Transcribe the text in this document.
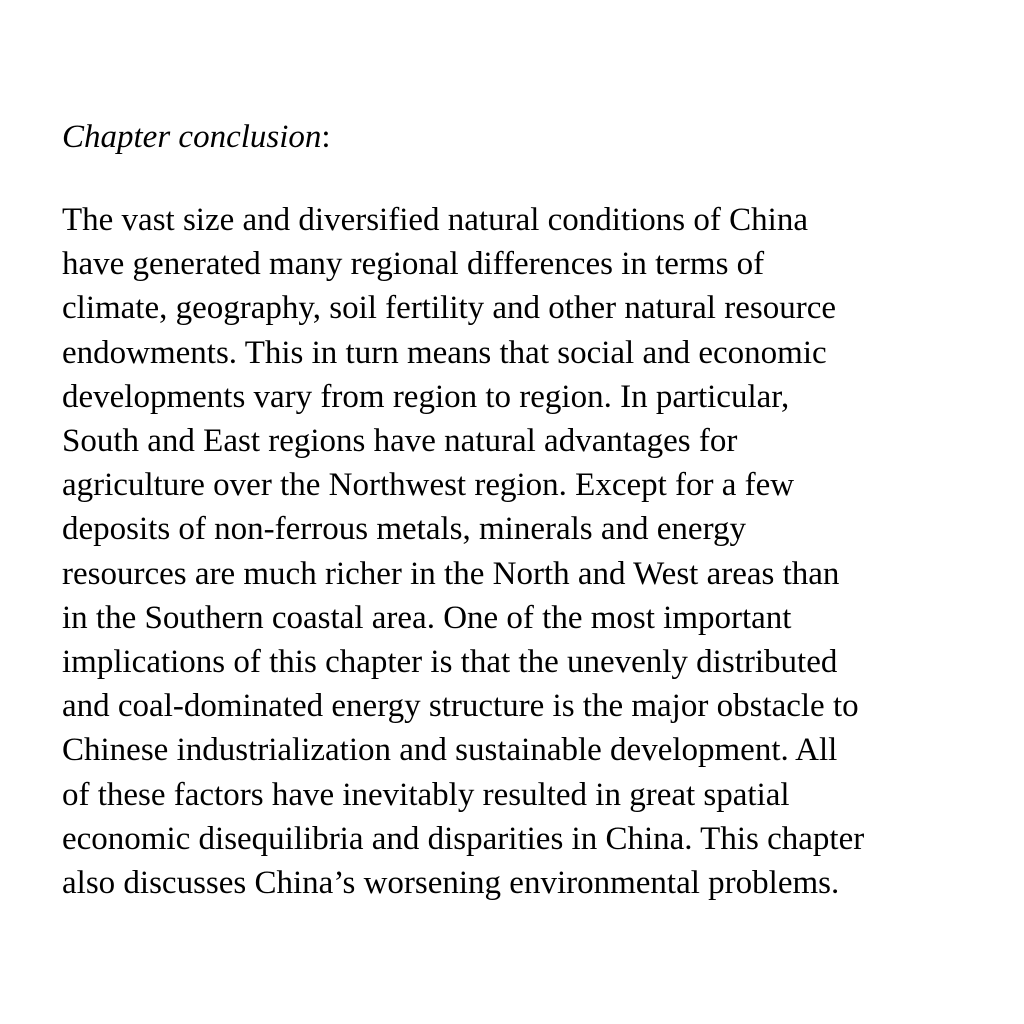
Chapter conclusion:

The vast size and diversified natural conditions of China
have generated many regional differences in terms of
climate, geography, soil fertility and other natural resource
endowments. This in turn means that social and economic
developments vary from region to region. In particular,
South and East regions have natural advantages for
agriculture over the Northwest region. Except for a few
deposits of non-ferrous metals, minerals and energy
resources are much richer in the North and West areas than
in the Southern coastal area. One of the most important
implications of this chapter is that the unevenly distributed
and coal-dominated energy structure is the major obstacle to
Chinese industrialization and sustainable development. All
of these factors have inevitably resulted in great spatial
economic disequilibria and disparities in China. This chapter
also discusses China’s worsening environmental problems.
